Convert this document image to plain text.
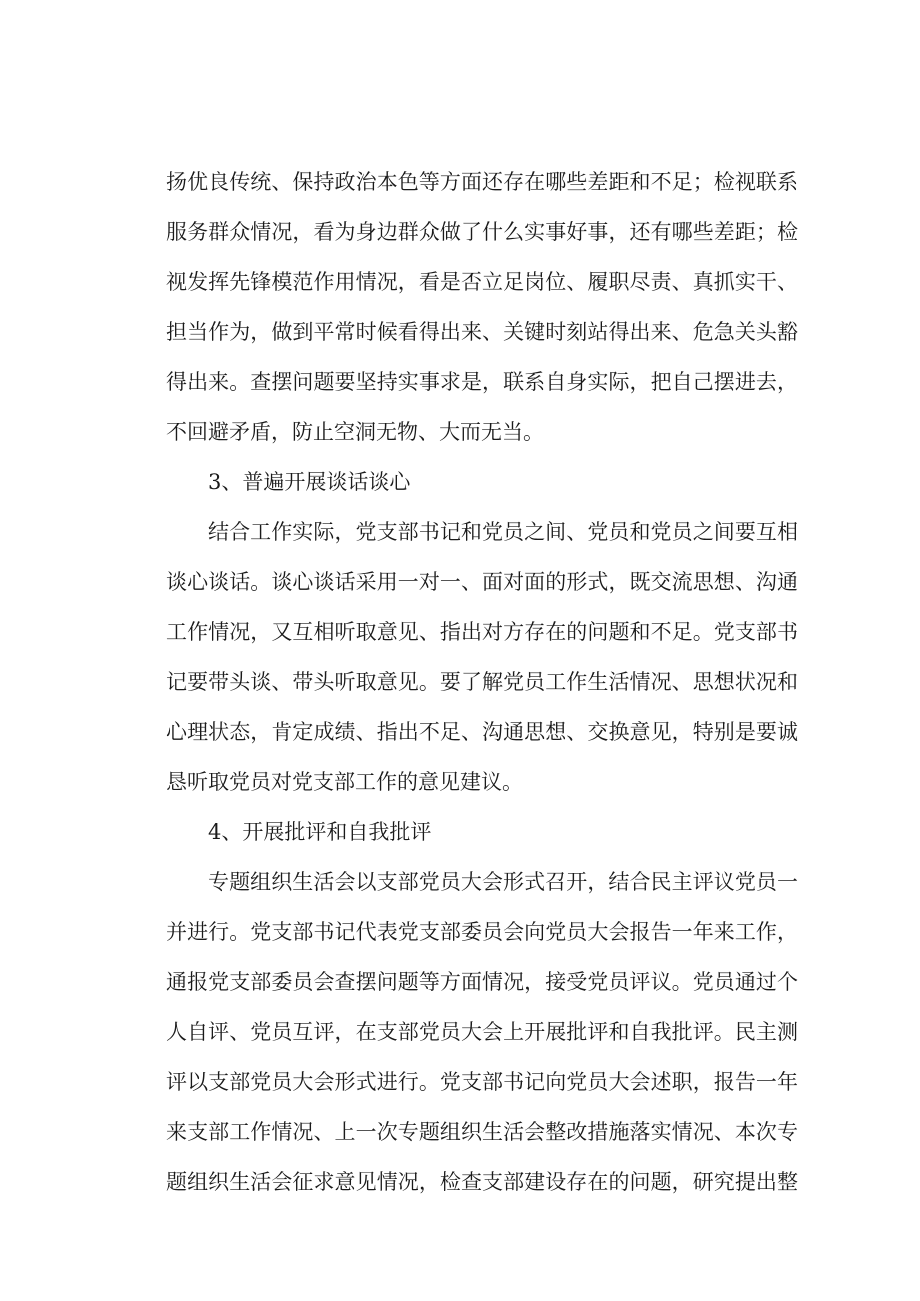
扬优良传统、保持政治本色等方面还存在哪些差距和不足；检视联系
服务群众情况，看为身边群众做了什么实事好事，还有哪些差距；检
视发挥先锋模范作用情况，看是否立足岗位、履职尽责、真抓实干、
担当作为，做到平常时候看得出来、关键时刻站得出来、危急关头豁
得出来。查摆问题要坚持实事求是，联系自身实际，把自己摆进去，
不回避矛盾，防止空洞无物、大而无当。
3、普遍开展谈话谈心
结合工作实际，党支部书记和党员之间、党员和党员之间要互相
谈心谈话。谈心谈话采用一对一、面对面的形式，既交流思想、沟通
工作情况，又互相听取意见、指出对方存在的问题和不足。党支部书
记要带头谈、带头听取意见。要了解党员工作生活情况、思想状况和
心理状态，肯定成绩、指出不足、沟通思想、交换意见，特别是要诚
恳听取党员对党支部工作的意见建议。
4、开展批评和自我批评
专题组织生活会以支部党员大会形式召开，结合民主评议党员一
并进行。党支部书记代表党支部委员会向党员大会报告一年来工作，
通报党支部委员会查摆问题等方面情况，接受党员评议。党员通过个
人自评、党员互评，在支部党员大会上开展批评和自我批评。民主测
评以支部党员大会形式进行。党支部书记向党员大会述职，报告一年
来支部工作情况、上一次专题组织生活会整改措施落实情况、本次专
题组织生活会征求意见情况，检查支部建设存在的问题，研究提出整
